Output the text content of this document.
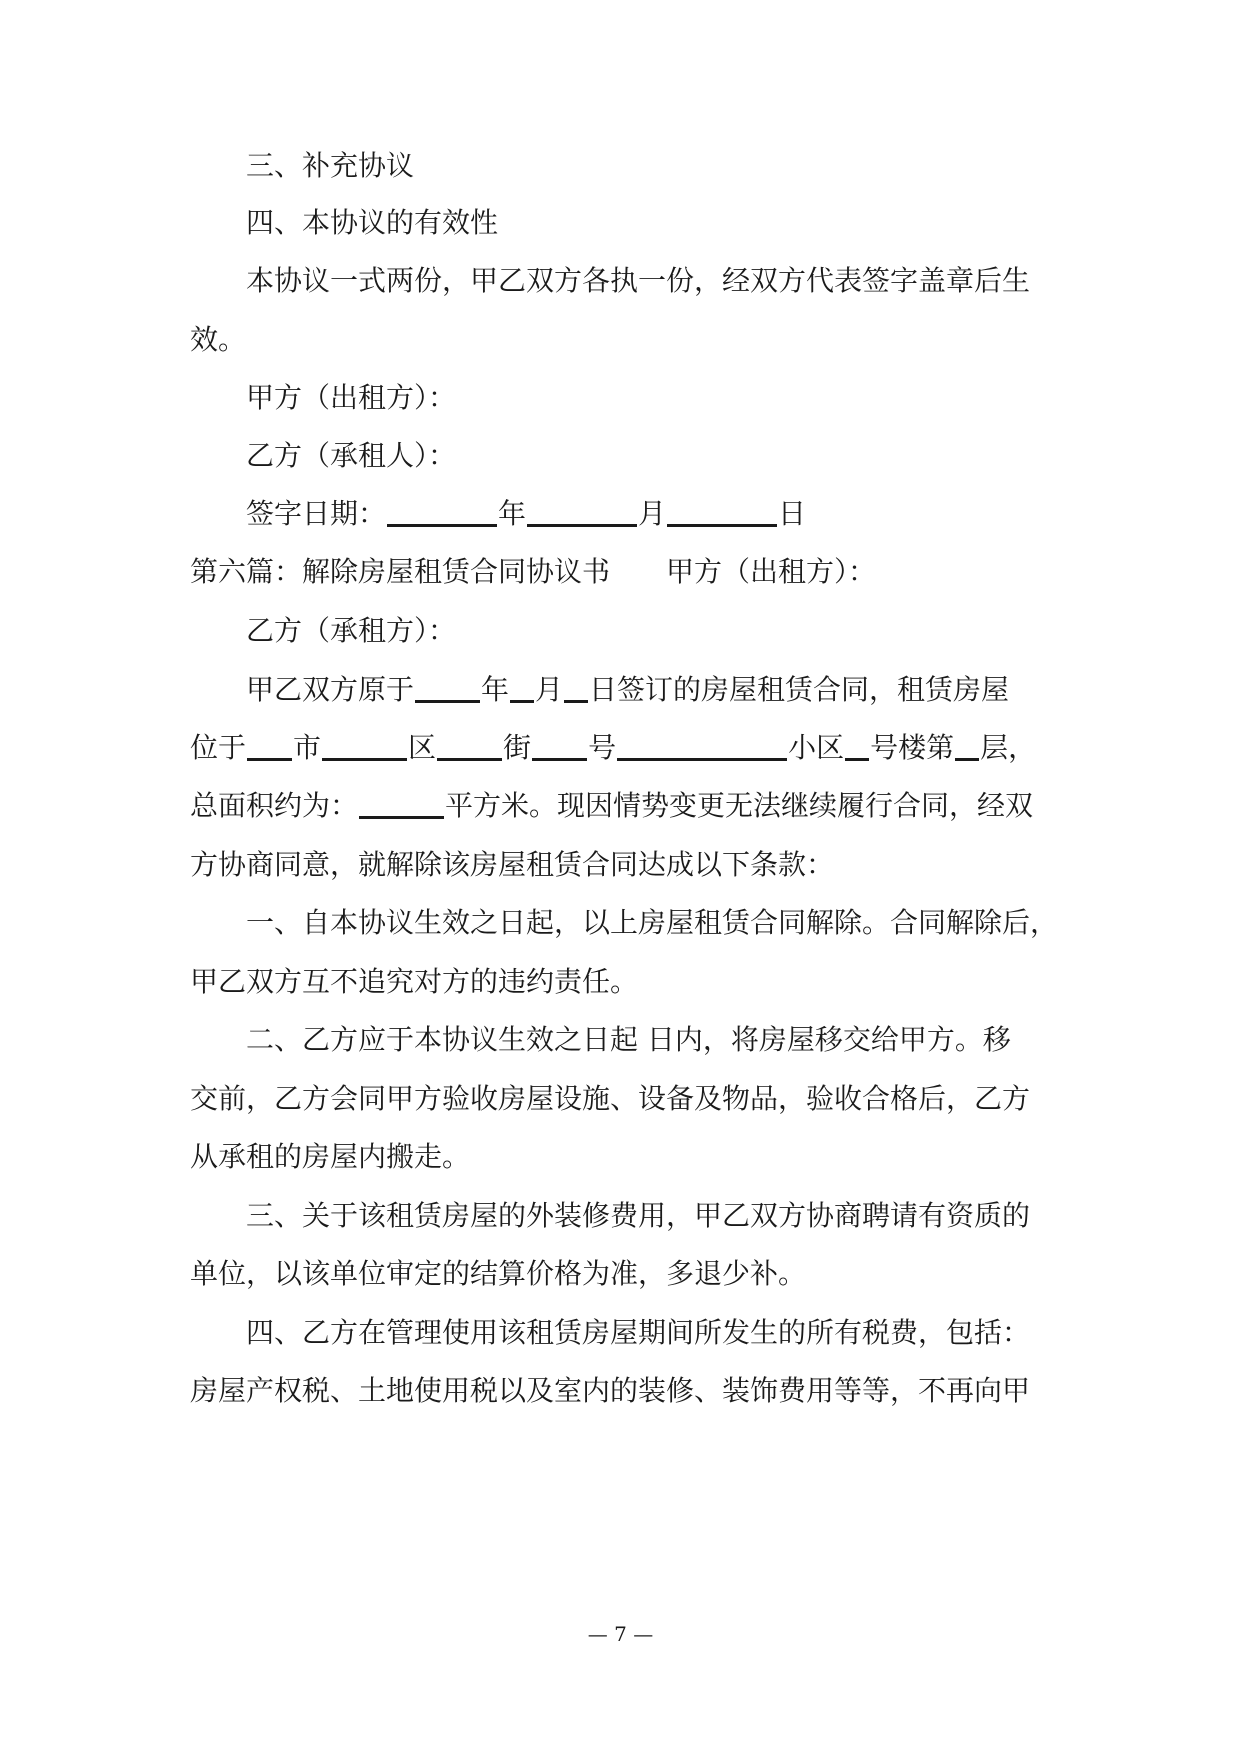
三、补充协议
四、本协议的有效性
本协议一式两份，甲乙双方各执一份，经双方代表签字盖章后生
效。
甲方（出租方）：
乙方（承租人）：
签字日期：	年	月	日
第六篇：解除房屋租赁合同协议书 甲方（出租方）：
乙方（承租方）：
甲乙双方原于 年 月 日签订的房屋租赁合同，租赁房屋
位于 市	区 街 号	小区 号楼第 层，
总面积约为：	平方米。现因情势变更无法继续履行合同，经双
方协商同意，就解除该房屋租赁合同达成以下条款：
一、自本协议生效之日起，以上房屋租赁合同解除。合同解除后，
甲乙双方互不追究对方的违约责任。
二、乙方应于本协议生效之日起 日内，将房屋移交给甲方。移
交前，乙方会同甲方验收房屋设施、设备及物品，验收合格后，乙方
从承租的房屋内搬走。
三、关于该租赁房屋的外装修费用，甲乙双方协商聘请有资质的
单位，以该单位审定的结算价格为准，多退少补。
四、乙方在管理使用该租赁房屋期间所发生的所有税费，包括：
房屋产权税、土地使用税以及室内的装修、装饰费用等等，不再向甲
— 7 —
